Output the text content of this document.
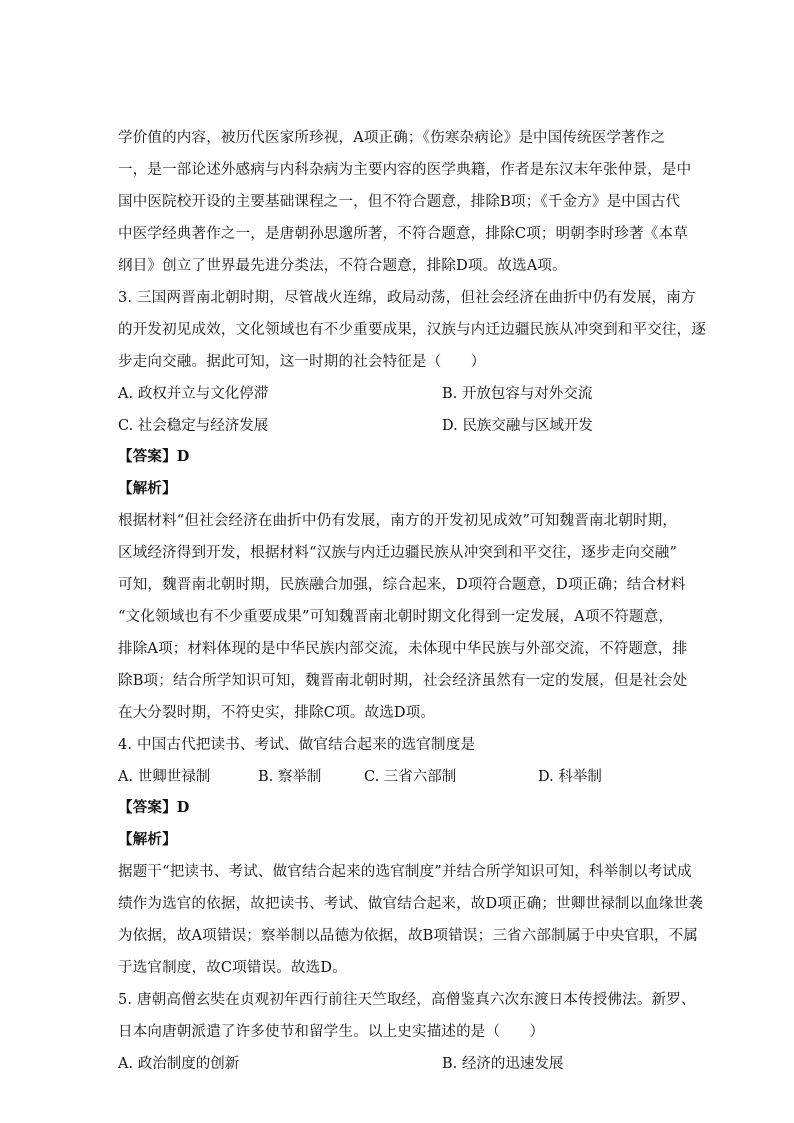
学价值的内容，被历代医家所珍视，A项正确；《伤寒杂病论》是中国传统医学著作之
一，是一部论述外感病与内科杂病为主要内容的医学典籍，作者是东汉末年张仲景，是中
国中医院校开设的主要基础课程之一，但不符合题意，排除B项；《千金方》是中国古代
中医学经典著作之一，是唐朝孙思邈所著，不符合题意，排除C项；明朝李时珍著《本草
纲目》创立了世界最先进分类法，不符合题意，排除D项。故选A项。
3. 三国两晋南北朝时期，尽管战火连绵，政局动荡，但社会经济在曲折中仍有发展，南方
的开发初见成效，文化领域也有不少重要成果，汉族与内迁边疆民族从冲突到和平交往，逐
步走向交融。据此可知，这一时期的社会特征是（　　）
A. 政权并立与文化停滞	B. 开放包容与对外交流
C. 社会稳定与经济发展	D. 民族交融与区域开发
【答案】D
【解析】
根据材料“但社会经济在曲折中仍有发展，南方的开发初见成效”可知魏晋南北朝时期，
区域经济得到开发，根据材料“汉族与内迁边疆民族从冲突到和平交往，逐步走向交融”
可知，魏晋南北朝时期，民族融合加强，综合起来，D项符合题意，D项正确；结合材料
“文化领域也有不少重要成果”可知魏晋南北朝时期文化得到一定发展，A项不符题意，
排除A项；材料体现的是中华民族内部交流，未体现中华民族与外部交流，不符题意，排
除B项；结合所学知识可知，魏晋南北朝时期，社会经济虽然有一定的发展，但是社会处
在大分裂时期，不符史实，排除C项。故选D项。
4. 中国古代把读书、考试、做官结合起来的选官制度是
A. 世卿世禄制	B. 察举制	C. 三省六部制	D. 科举制
【答案】D
【解析】
据题干“把读书、考试、做官结合起来的选官制度”并结合所学知识可知，科举制以考试成
绩作为选官的依据，故把读书、考试、做官结合起来，故D项正确；世卿世禄制以血缘世袭
为依据，故A项错误；察举制以品德为依据，故B项错误；三省六部制属于中央官职，不属
于选官制度，故C项错误。故选D。
5. 唐朝高僧玄奘在贞观初年西行前往天竺取经，高僧鉴真六次东渡日本传授佛法。新罗、
日本向唐朝派遣了许多使节和留学生。以上史实描述的是（　　）
A. 政治制度的创新	B. 经济的迅速发展
